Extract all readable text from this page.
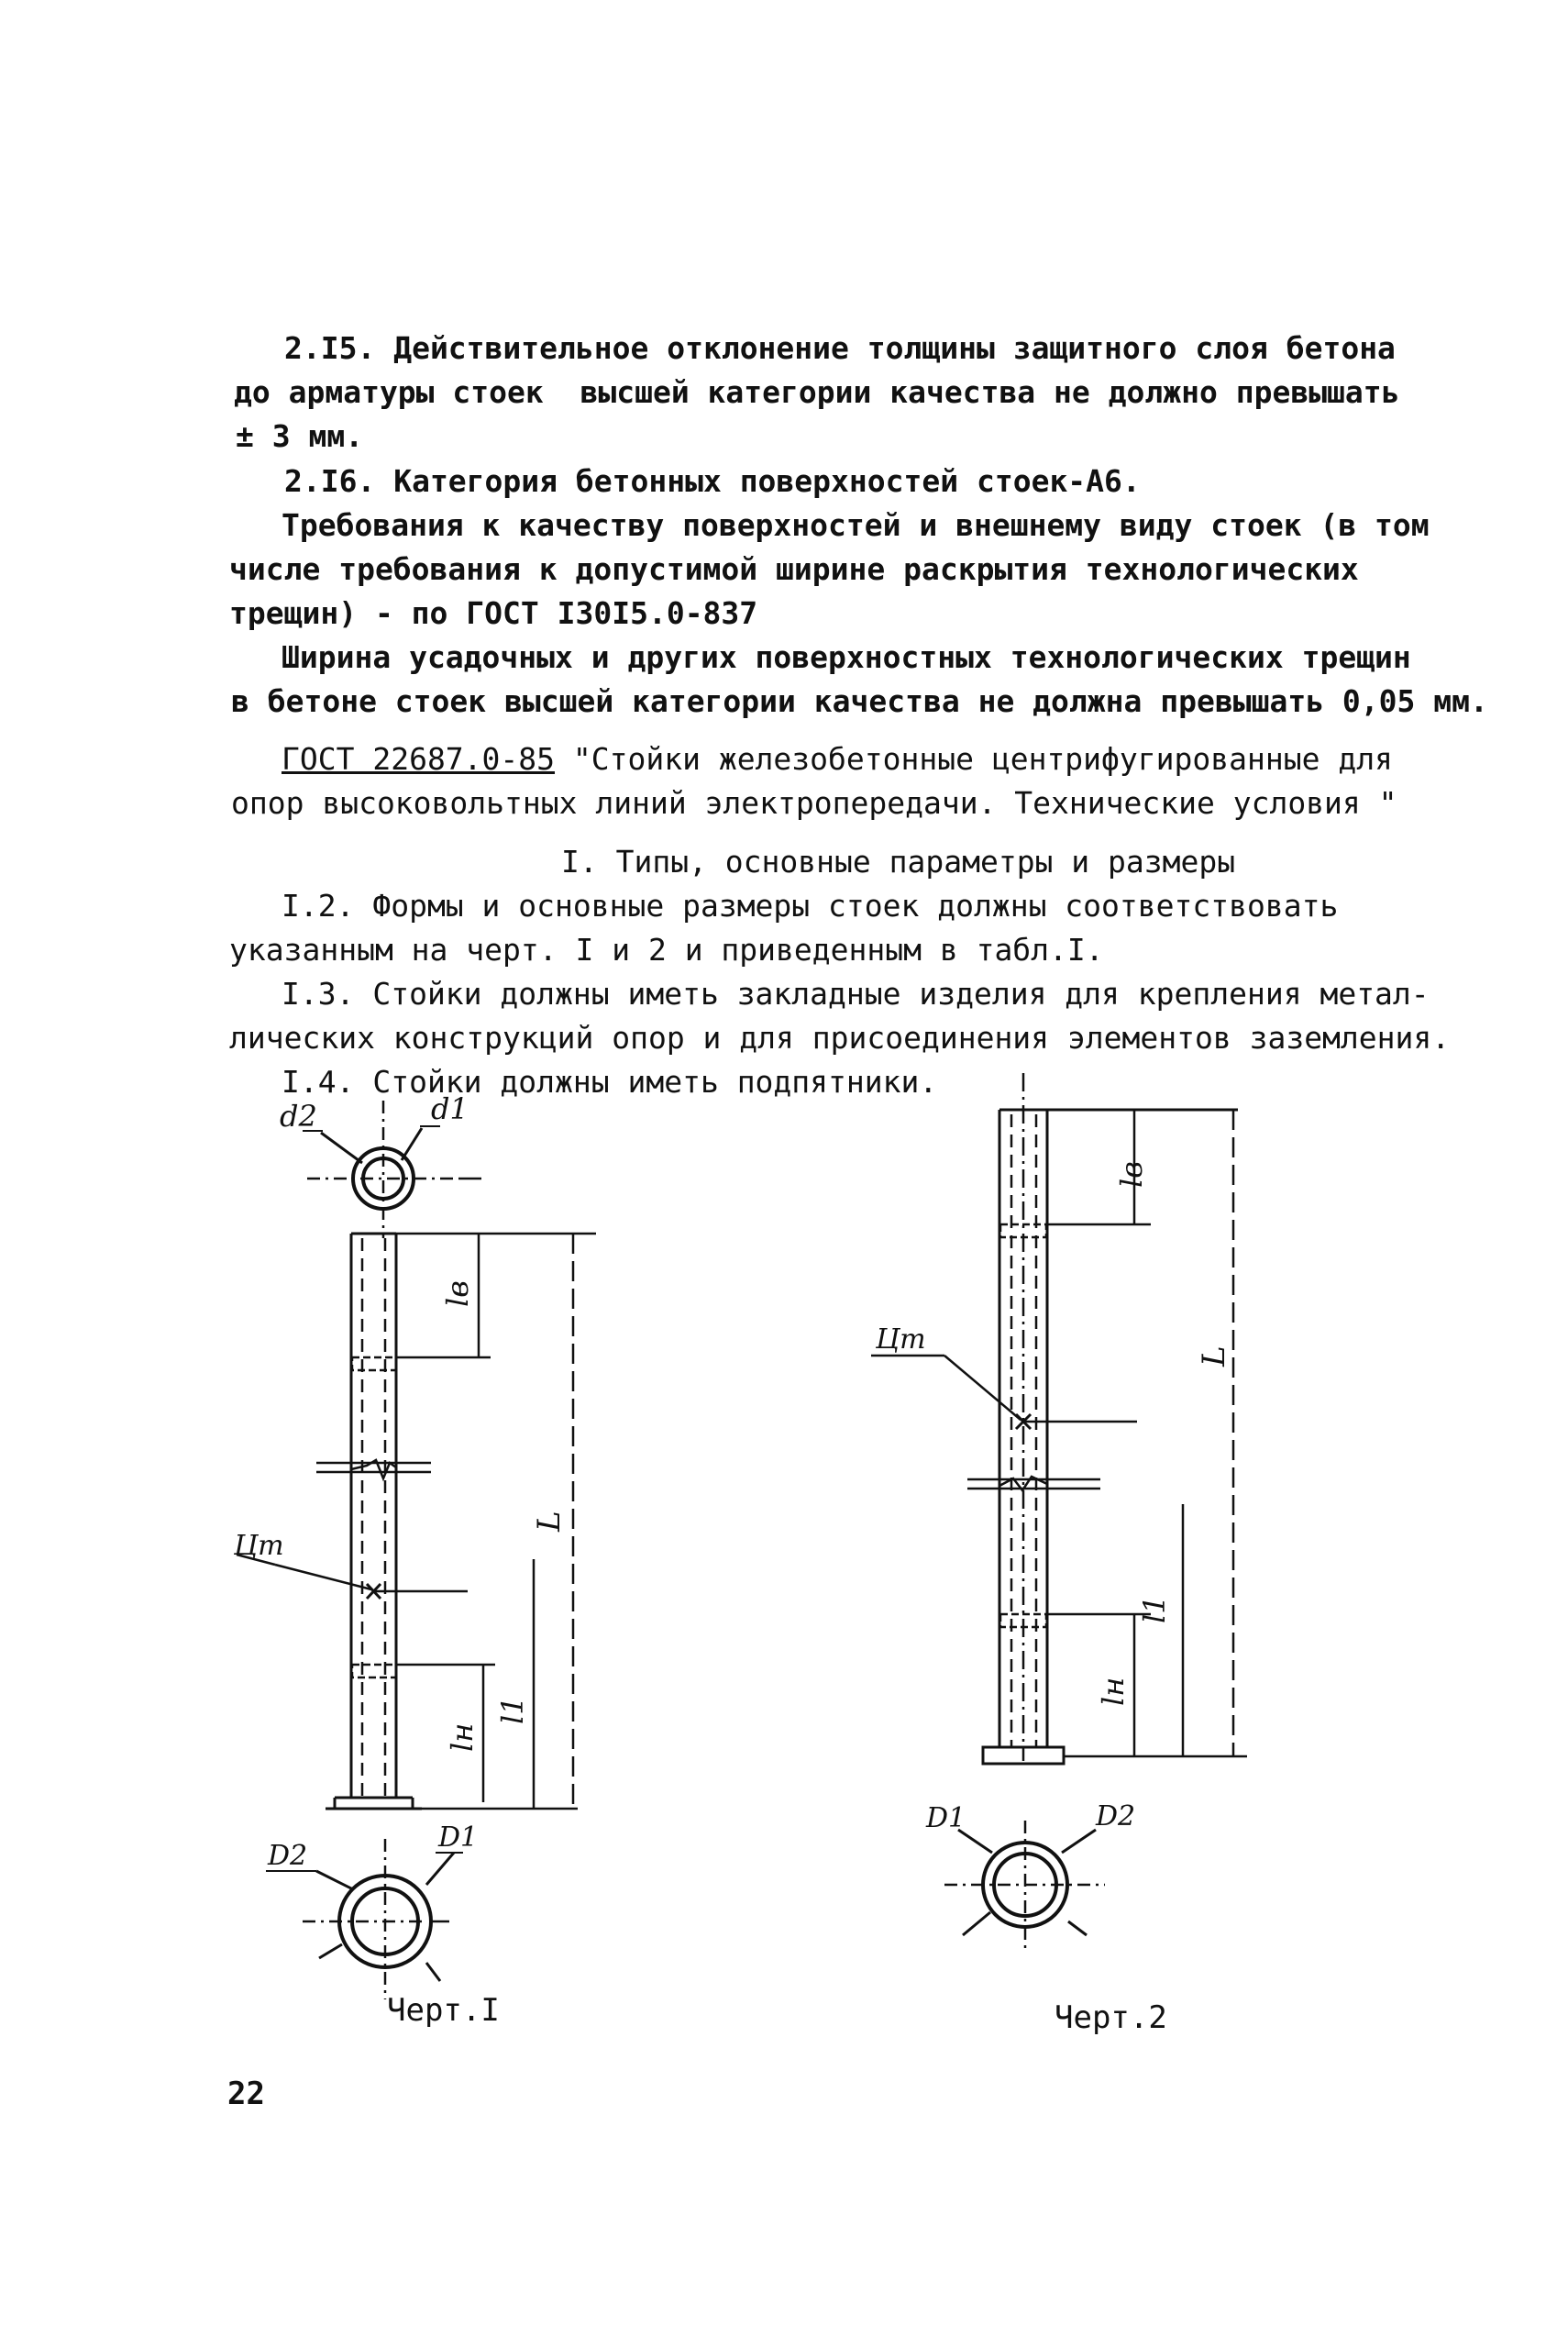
2.I5. Действительное отклонение толщины защитного слоя бетона
до арматуры стоек  высшей категории качества не должно превышать
± 3 мм.
2.I6. Категория бетонных поверхностей стоек-А6.
Требования к качеству поверхностей и внешнему виду стоек (в том
числе требования к допустимой ширине раскрытия технологических
трещин) - по ГОСТ I30I5.0-837
Ширина усадочных и других поверхностных технологических трещин
в бетоне стоек высшей категории качества не должна превышать 0,05 мм.
ГОСТ 22687.0-85 "Стойки железобетонные центрифугированные для
опор высоковольтных линий электропередачи. Технические условия "
I. Типы, основные параметры и размеры
I.2. Формы и основные размеры стоек должны соответствовать
указанным на черт. I и 2 и приведенным в табл.I.
I.3. Стойки должны иметь закладные изделия для крепления метал-
лических конструкций опор и для присоединения элементов заземления.
I.4. Стойки должны иметь подпятники.
d2	d1
Цт
lв
L
l1
lн
D2
D1
Цт
lв
L
l1
lн
D1	D2
Черт.I	Черт.2
22
